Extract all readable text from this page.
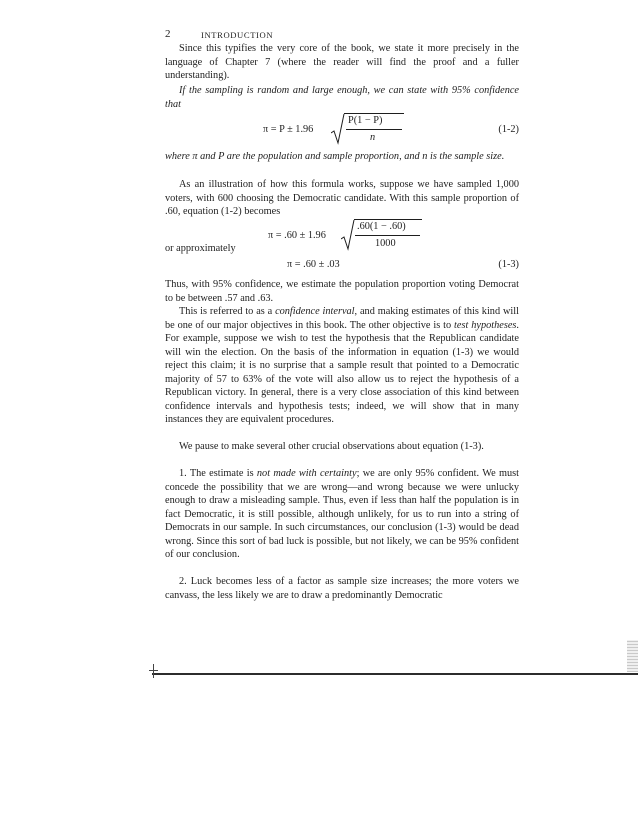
2	INTRODUCTION

Since this typifies the very core of the book, we state it more precisely in the language of Chapter 7 (where the reader will find the proof and a fuller understanding).

If the sampling is random and large enough, we can state with 95% confidence that

π = P ± 1.96
P(1 − P)
n
(1-2)

where π and P are the population and sample proportion, and n is the sample size.

As an illustration of how this formula works, suppose we have sampled 1,000 voters, with 600 choosing the Democratic candidate. With this sample proportion of .60, equation (1-2) becomes

π = .60 ± 1.96
.60(1 − .60)
1000

or approximately

π = .60 ± .03	(1-3)

Thus, with 95% confidence, we estimate the population proportion voting Democrat to be between .57 and .63.

This is referred to as a confidence interval, and making estimates of this kind will be one of our major objectives in this book. The other objective is to test hypotheses. For example, suppose we wish to test the hypothesis that the Republican candidate will win the election. On the basis of the information in equation (1-3) we would reject this claim; it is no surprise that a sample result that pointed to a Democratic majority of 57 to 63% of the vote will also allow us to reject the hypothesis of a Republican victory. In general, there is a very close association of this kind between confidence intervals and hypothesis tests; indeed, we will show that in many instances they are equivalent procedures.

We pause to make several other crucial observations about equation (1-3).

1. The estimate is not made with certainty; we are only 95% confident. We must concede the possibility that we are wrong—and wrong because we were unlucky enough to draw a misleading sample. Thus, even if less than half the population is in fact Democratic, it is still possible, although unlikely, for us to run into a string of Democrats in our sample. In such circumstances, our conclusion (1-3) would be dead wrong. Since this sort of bad luck is possible, but not likely, we can be 95% confident of our conclusion.

2. Luck becomes less of a factor as sample size increases; the more voters we canvass, the less likely we are to draw a predominantly Democratic
